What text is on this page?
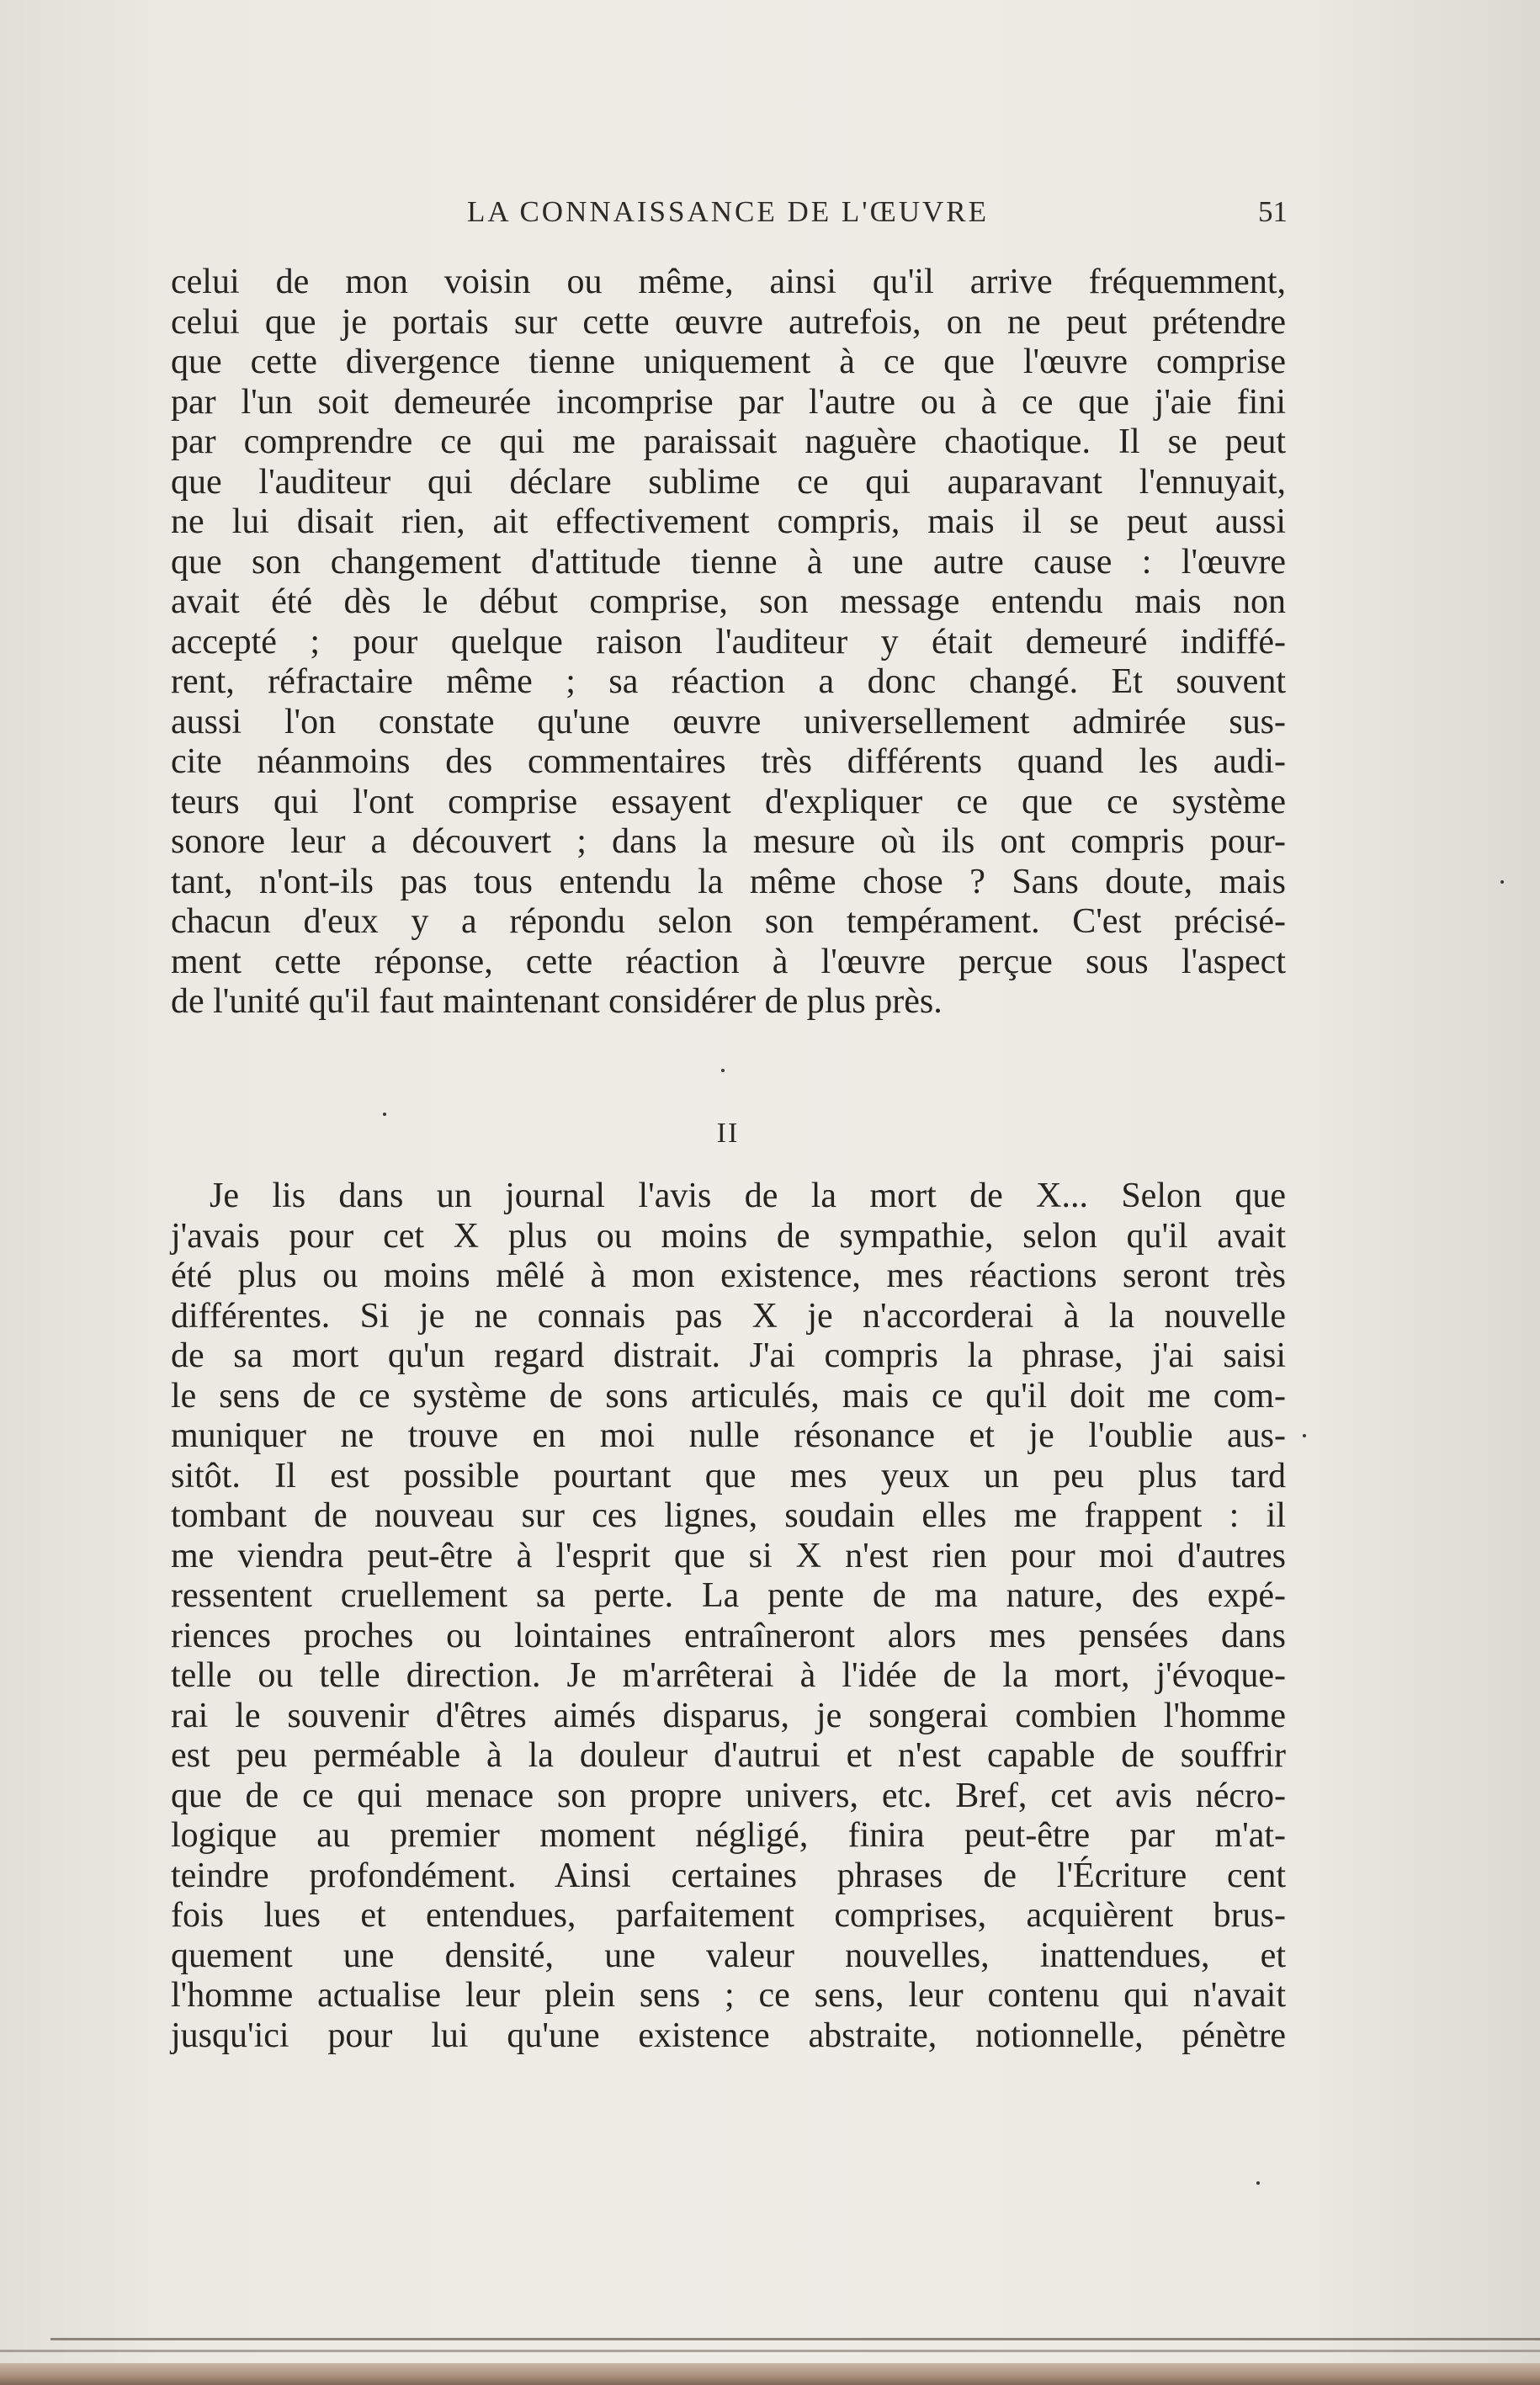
LA CONNAISSANCE DE L'ŒUVRE	51
celui de mon voisin ou même, ainsi qu'il arrive fréquemment,
celui que je portais sur cette œuvre autrefois, on ne peut prétendre
que cette divergence tienne uniquement à ce que l'œuvre comprise
par l'un soit demeurée incomprise par l'autre ou à ce que j'aie fini
par comprendre ce qui me paraissait naguère chaotique. Il se peut
que l'auditeur qui déclare sublime ce qui auparavant l'ennuyait,
ne lui disait rien, ait effectivement compris, mais il se peut aussi
que son changement d'attitude tienne à une autre cause : l'œuvre
avait été dès le début comprise, son message entendu mais non
accepté ; pour quelque raison l'auditeur y était demeuré indiffé-
rent, réfractaire même ; sa réaction a donc changé. Et souvent
aussi l'on constate qu'une œuvre universellement admirée sus-
cite néanmoins des commentaires très différents quand les audi-
teurs qui l'ont comprise essayent d'expliquer ce que ce système
sonore leur a découvert ; dans la mesure où ils ont compris pour-
tant, n'ont-ils pas tous entendu la même chose ? Sans doute, mais
chacun d'eux y a répondu selon son tempérament. C'est précisé-
ment cette réponse, cette réaction à l'œuvre perçue sous l'aspect
de l'unité qu'il faut maintenant considérer de plus près.
II
Je lis dans un journal l'avis de la mort de X... Selon que
j'avais pour cet X plus ou moins de sympathie, selon qu'il avait
été plus ou moins mêlé à mon existence, mes réactions seront très
différentes. Si je ne connais pas X je n'accorderai à la nouvelle
de sa mort qu'un regard distrait. J'ai compris la phrase, j'ai saisi
le sens de ce système de sons articulés, mais ce qu'il doit me com-
muniquer ne trouve en moi nulle résonance et je l'oublie aus-
sitôt. Il est possible pourtant que mes yeux un peu plus tard
tombant de nouveau sur ces lignes, soudain elles me frappent : il
me viendra peut-être à l'esprit que si X n'est rien pour moi d'autres
ressentent cruellement sa perte. La pente de ma nature, des expé-
riences proches ou lointaines entraîneront alors mes pensées dans
telle ou telle direction. Je m'arrêterai à l'idée de la mort, j'évoque-
rai le souvenir d'êtres aimés disparus, je songerai combien l'homme
est peu perméable à la douleur d'autrui et n'est capable de souffrir
que de ce qui menace son propre univers, etc. Bref, cet avis nécro-
logique au premier moment négligé, finira peut-être par m'at-
teindre profondément. Ainsi certaines phrases de l'Écriture cent
fois lues et entendues, parfaitement comprises, acquièrent brus-
quement une densité, une valeur nouvelles, inattendues, et
l'homme actualise leur plein sens ; ce sens, leur contenu qui n'avait
jusqu'ici pour lui qu'une existence abstraite, notionnelle, pénètre
